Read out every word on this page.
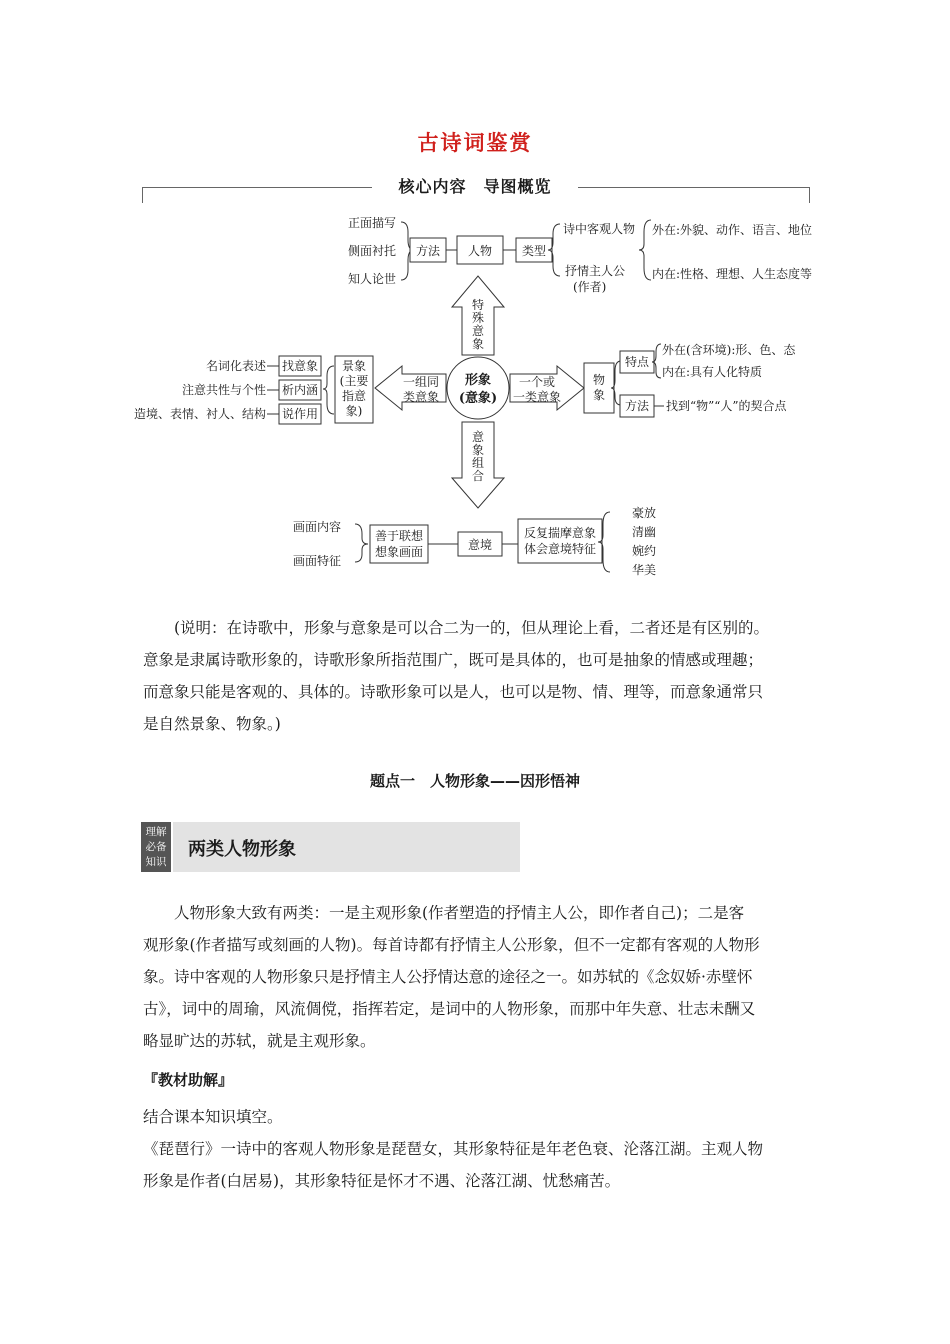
古诗词鉴赏
核心内容　导图概览
正面描写
侧面衬托
知人论世
方法 人物 类型
诗中客观人物
抒情主人公
(作者)
外在:外貌、动作、语言、地位
内在:性格、理想、人生态度等
形象
(意象)
特
殊
意
象
意
象
组
合
一组同
类意象
一个或
一类意象
名词化表述
注意共性与个性
造境、表情、衬人、结构
找意象
析内涵
说作用
景象
(主要
指意
象)
物
象
特点
方法
外在(含环境):形、色、态
内在:具有人化特质
找到“物”“人”的契合点
画面内容
画面特征
善于联想
想象画面	意境
反复揣摩意象
体会意境特征
豪放
清幽
婉约
华美

(说明：在诗歌中，形象与意象是可以合二为一的，但从理论上看，二者还是有区别的。

意象是隶属诗歌形象的，诗歌形象所指范围广，既可是具体的，也可是抽象的情感或理趣；

而意象只能是客观的、具体的。诗歌形象可以是人，也可以是物、情、理等，而意象通常只

是自然景象、物象。)

题点一　人物形象——因形悟神
理解
必备
知识
两类人物形象

人物形象大致有两类：一是主观形象(作者塑造的抒情主人公，即作者自己)；二是客

观形象(作者描写或刻画的人物)。每首诗都有抒情主人公形象，但不一定都有客观的人物形

象。诗中客观的人物形象只是抒情主人公抒情达意的途径之一。如苏轼的《念奴娇·赤壁怀

古》，词中的周瑜，风流倜傥，指挥若定，是词中的人物形象，而那中年失意、壮志未酬又

略显旷达的苏轼，就是主观形象。

『教材助解』

结合课本知识填空。

《琵琶行》一诗中的客观人物形象是琵琶女，其形象特征是年老色衰、沦落江湖。主观人物

形象是作者(白居易)，其形象特征是怀才不遇、沦落江湖、忧愁痛苦。
